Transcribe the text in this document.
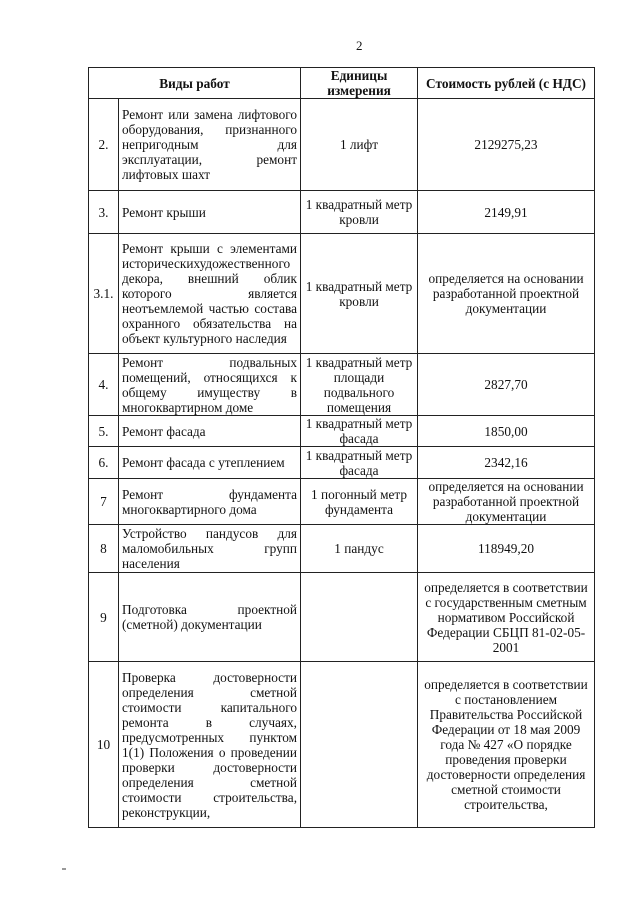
2
Виды работ		Единицы измерения	Стоимость рублей (с НДС)
2.	Ремонт или замена лифтового оборудования, признанного непригодным для эксплуатации, ремонт лифтовых шахт	1 лифт	2129275,23
3.	Ремонт крыши	1 квадратный метр кровли	2149,91
3.1.	Ремонт крыши с элементами историческихудожественного декора, внешний облик которого является неотъемлемой частью состава охранного обязательства на объект культурного наследия	1 квадратный метр кровли	определяется на основании разработанной проектной документации
4.	Ремонт подвальных помещений, относящихся к общему имуществу в многоквартирном доме	1 квадратный метр площади подвального помещения	2827,70
5.	Ремонт фасада	1 квадратный метр фасада	1850,00
6.	Ремонт фасада с утеплением	1 квадратный метр фасада	2342,16
7	Ремонт фундамента многоквартирного дома	1 погонный метр фундамента	определяется на основании разработанной проектной документации
8	Устройство пандусов для маломобильных групп населения	1 пандус	118949,20
9	Подготовка проектной (сметной) документации		определяется в соответствии с государственным сметным нормативом Российской Федерации СБЦП 81-02-05-2001
10	Проверка достоверности определения сметной стоимости капитального ремонта в случаях, предусмотренных пунктом 1(1) Положения о проведении проверки достоверности определения сметной стоимости строительства, реконструкции,		определяется в соответствии с постановлением Правительства Российской Федерации от 18 мая 2009 года № 427 «О порядке проведения проверки достоверности определения сметной стоимости строительства,
